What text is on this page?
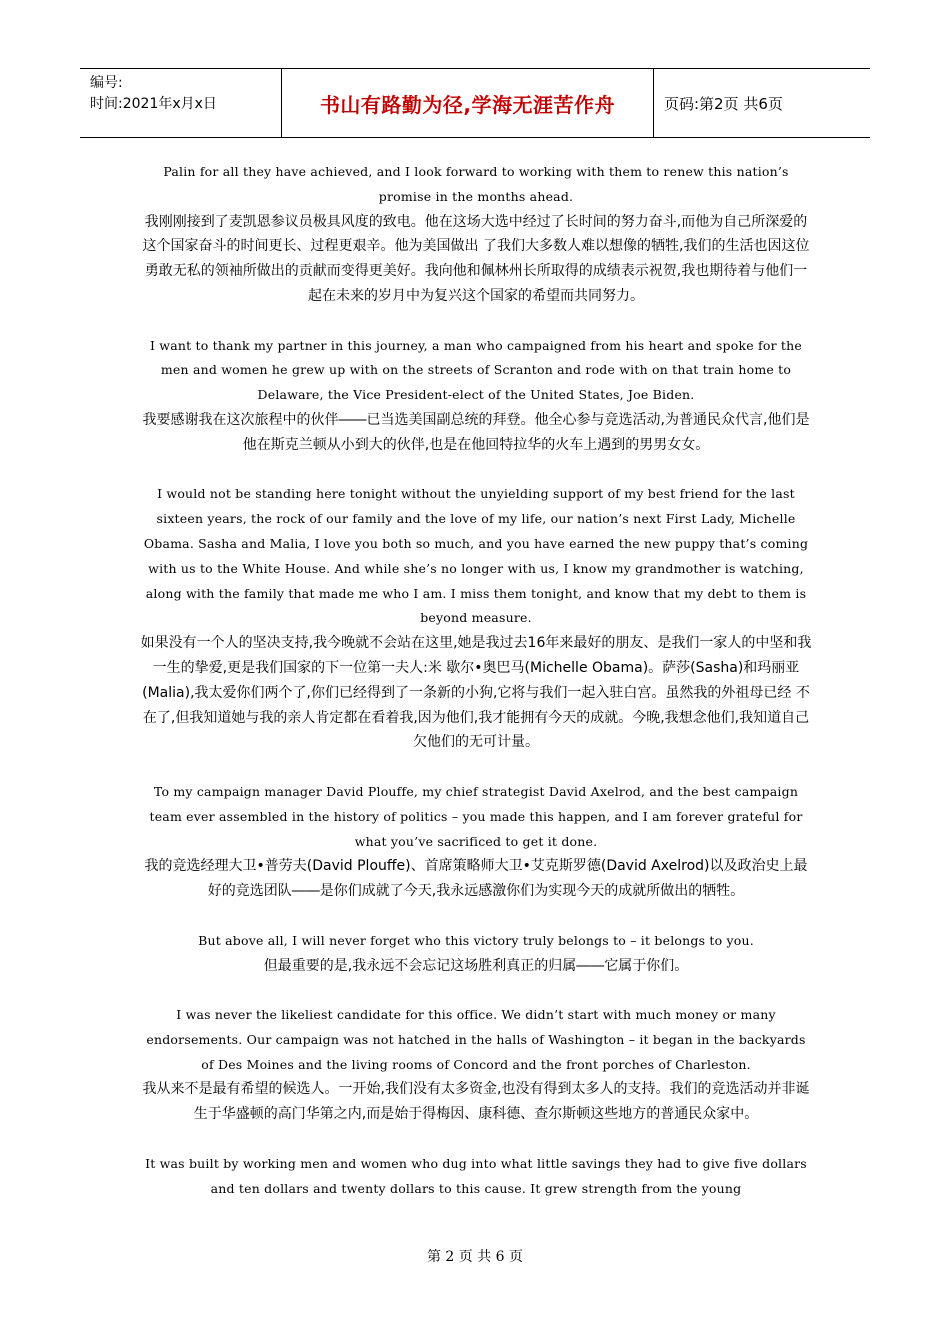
编号:
时间:2021年x月x日	书山有路勤为径,学海无涯苦作舟	页码:第2页 共6页

Palin for all they have achieved, and I look forward to working with them to renew this nation’s promise in the months ahead.

我刚刚接到了麦凯恩参议员极具风度的致电。他在这场大选中经过了长时间的努力奋斗,而他为自己所深爱的这个国家奋斗的时间更长、过程更艰辛。他为美国做出 了我们大多数人难以想像的牺牲,我们的生活也因这位勇敢无私的领袖所做出的贡献而变得更美好。我向他和佩林州长所取得的成绩表示祝贺,我也期待着与他们一 起在未来的岁月中为复兴这个国家的希望而共同努力。

I want to thank my partner in this journey, a man who campaigned from his heart and spoke for the men and women he grew up with on the streets of Scranton and rode with on that train home to Delaware, the Vice President-elect of the United States, Joe Biden.

我要感谢我在这次旅程中的伙伴――已当选美国副总统的拜登。他全心参与竞选活动,为普通民众代言,他们是他在斯克兰顿从小到大的伙伴,也是在他回特拉华的火车上遇到的男男女女。

I would not be standing here tonight without the unyielding support of my best friend for the last sixteen years, the rock of our family and the love of my life, our nation’s next First Lady, Michelle Obama. Sasha and Malia, I love you both so much, and you have earned the new puppy that’s coming with us to the White House. And while she’s no longer with us, I know my grandmother is watching, along with the family that made me who I am. I miss them tonight, and know that my debt to them is beyond measure.

如果没有一个人的坚决支持,我今晚就不会站在这里,她是我过去16年来最好的朋友、是我们一家人的中坚和我一生的挚爱,更是我们国家的下一位第一夫人:米 歇尔•奥巴马(Michelle Obama)。萨莎(Sasha)和玛丽亚(Malia),我太爱你们两个了,你们已经得到了一条新的小狗,它将与我们一起入驻白宫。虽然我的外祖母已经 不在了,但我知道她与我的亲人肯定都在看着我,因为他们,我才能拥有今天的成就。今晚,我想念他们,我知道自己欠他们的无可计量。

To my campaign manager David Plouffe, my chief strategist David Axelrod, and the best campaign team ever assembled in the history of politics – you made this happen, and I am forever grateful for what you’ve sacrificed to get it done.

我的竞选经理大卫•普劳夫(David Plouffe)、首席策略师大卫•艾克斯罗德(David Axelrod)以及政治史上最好的竞选团队――是你们成就了今天,我永远感激你们为实现今天的成就所做出的牺牲。

But above all, I will never forget who this victory truly belongs to – it belongs to you.

但最重要的是,我永远不会忘记这场胜利真正的归属――它属于你们。

I was never the likeliest candidate for this office. We didn’t start with much money or many endorsements. Our campaign was not hatched in the halls of Washington – it began in the backyards of Des Moines and the living rooms of Concord and the front porches of Charleston.

我从来不是最有希望的候选人。一开始,我们没有太多资金,也没有得到太多人的支持。我们的竞选活动并非诞生于华盛顿的高门华第之内,而是始于得梅因、康科德、查尔斯顿这些地方的普通民众家中。

It was built by working men and women who dug into what little savings they had to give five dollars and ten dollars and twenty dollars to this cause. It grew strength from the young

第 2 页 共 6 页
